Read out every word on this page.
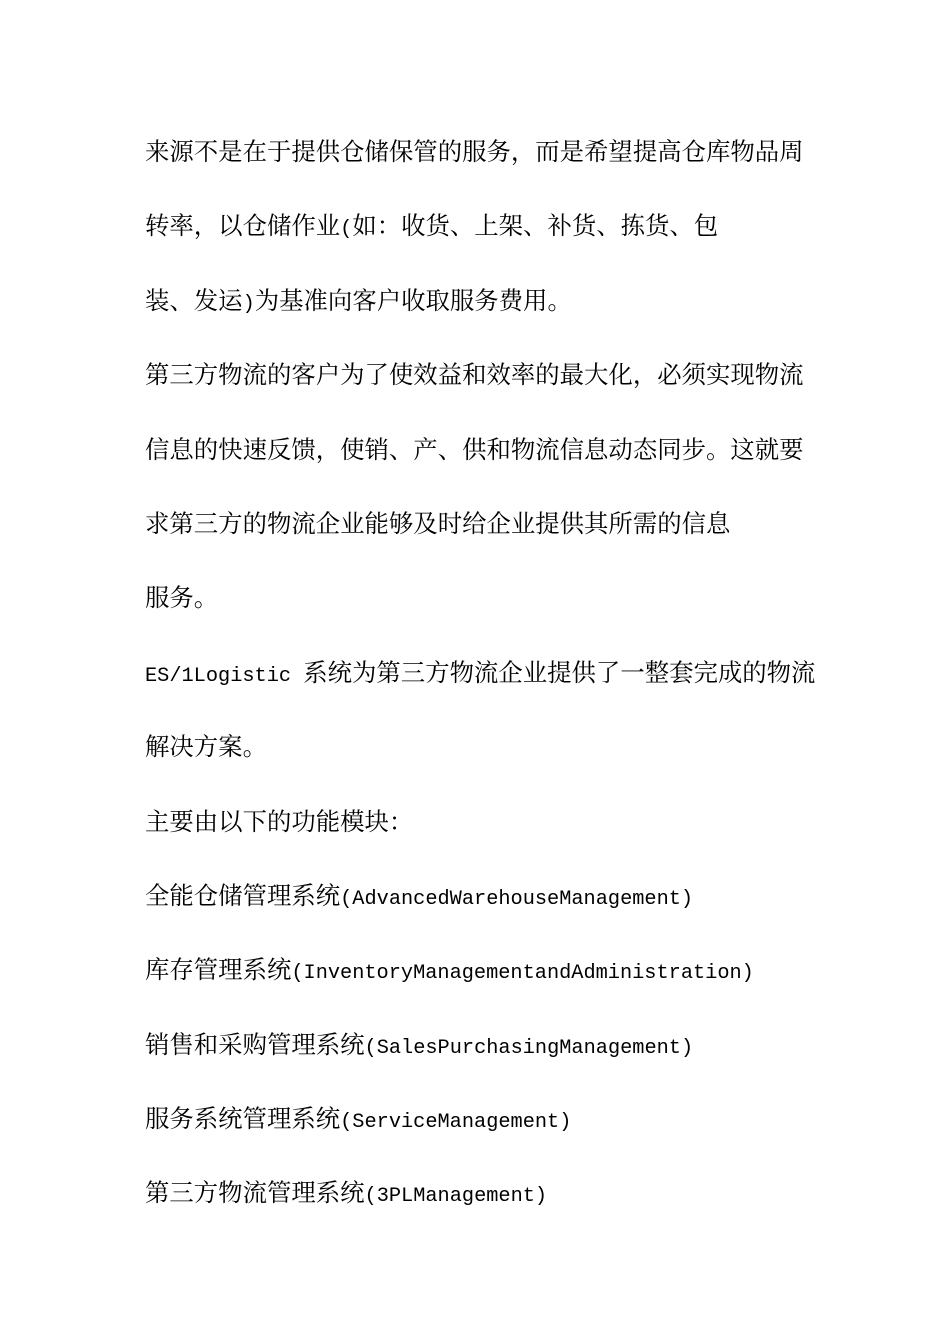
来源不是在于提供仓储保管的服务，而是希望提高仓库物品周
转率，以仓储作业(如：收货、上架、补货、拣货、包
装、发运)为基准向客户收取服务费用。
第三方物流的客户为了使效益和效率的最大化，必须实现物流
信息的快速反馈，使销、产、供和物流信息动态同步。这就要
求第三方的物流企业能够及时给企业提供其所需的信息
服务。
ES/1Logistic 系统为第三方物流企业提供了一整套完成的物流
解决方案。
主要由以下的功能模块：
全能仓储管理系统(AdvancedWarehouseManagement)
库存管理系统(InventoryManagementandAdministration)
销售和采购管理系统(SalesPurchasingManagement)
服务系统管理系统(ServiceManagement)
第三方物流管理系统(3PLManagement)
